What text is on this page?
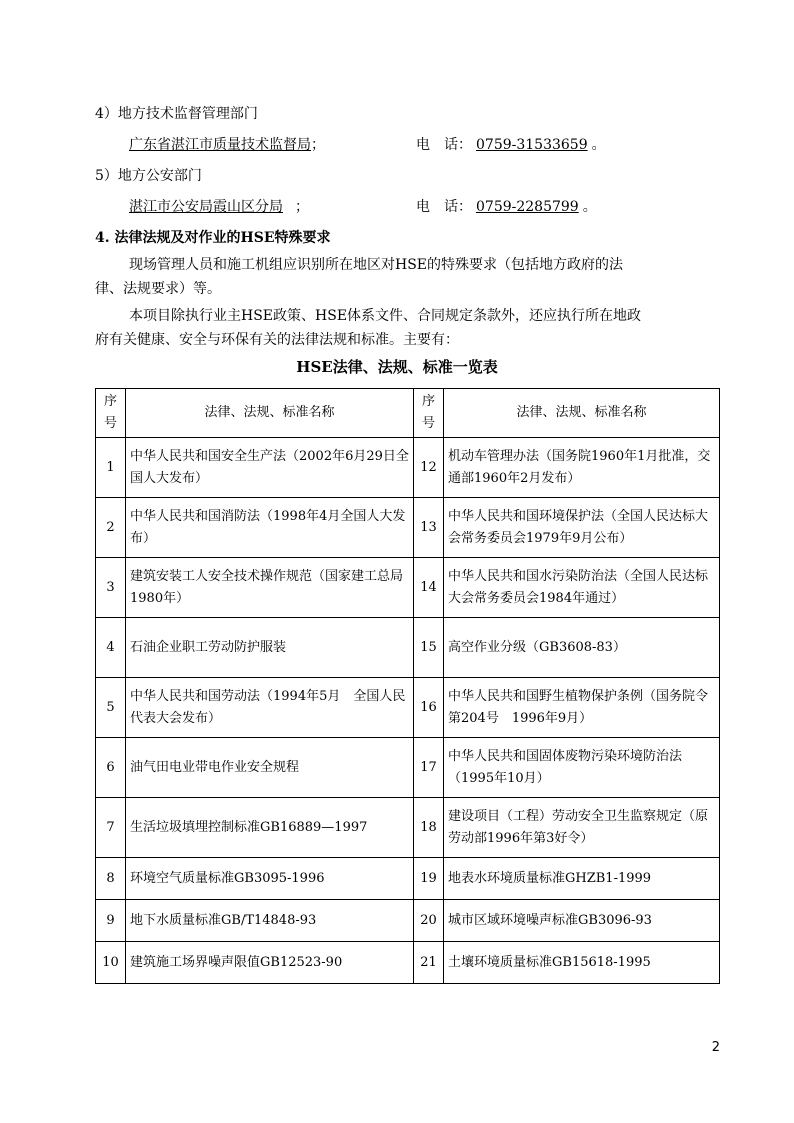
4）地方技术监督管理部门
广东省湛江市质量技术监督局；	电　话： 0759-31533659 。
5）地方公安部门
湛江市公安局霞山区分局 ；	电　话： 0759-2285799 。
4. 法律法规及对作业的HSE特殊要求
现场管理人员和施工机组应识别所在地区对HSE的特殊要求（包括地方政府的法
律、法规要求）等。
本项目除执行业主HSE政策、HSE体系文件、合同规定条款外，还应执行所在地政
府有关健康、安全与环保有关的法律法规和标准。主要有：
HSE法律、法规、标准一览表
序号	法律、法规、标准名称	序号	法律、法规、标准名称
1	中华人民共和国安全生产法（2002年6月29日全国人大发布）	12	机动车管理办法（国务院1960年1月批准，交通部1960年2月发布）
2	中华人民共和国消防法（1998年4月全国人大发布）	13	中华人民共和国环境保护法（全国人民达标大会常务委员会1979年9月公布）
3	建筑安装工人安全技术操作规范（国家建工总局1980年）	14	中华人民共和国水污染防治法（全国人民达标大会常务委员会1984年通过）
4	石油企业职工劳动防护服装	15	高空作业分级（GB3608-83）
5	中华人民共和国劳动法（1994年5月　全国人民代表大会发布）	16	中华人民共和国野生植物保护条例（国务院令第204号　1996年9月）
6	油气田电业带电作业安全规程	17	中华人民共和国固体废物污染环境防治法（1995年10月）
7	生活垃圾填埋控制标准GB16889—1997	18	建设项目（工程）劳动安全卫生监察规定（原劳动部1996年第3好令）
8	环境空气质量标准GB3095-1996	19	地表水环境质量标准GHZB1-1999
9	地下水质量标准GB/T14848-93	20	城市区域环境噪声标准GB3096-93
10	建筑施工场界噪声限值GB12523-90	21	土壤环境质量标准GB15618-1995
2
